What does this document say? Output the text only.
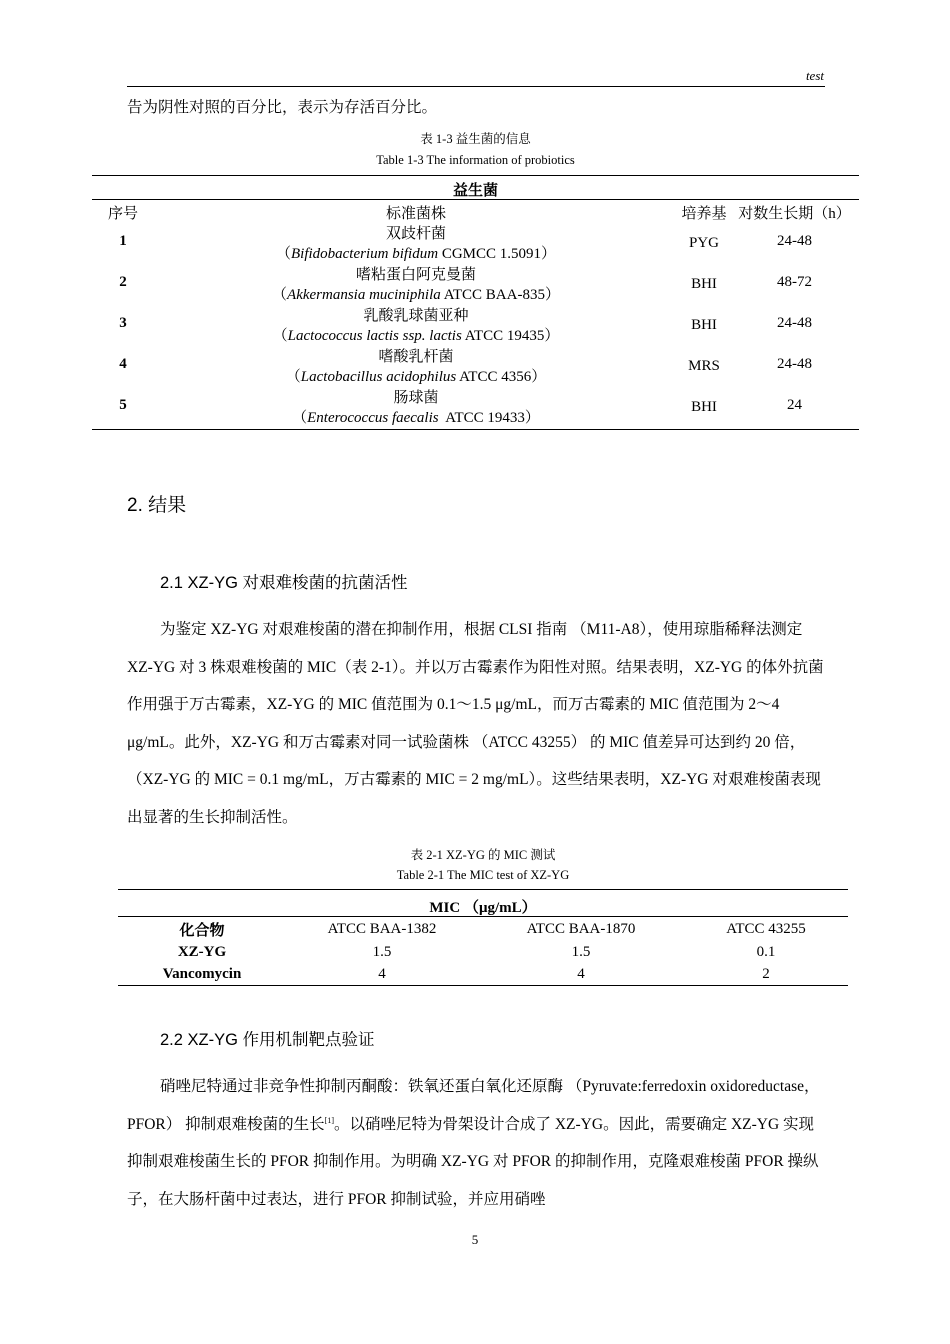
test
告为阴性对照的百分比，表示为存活百分比。
表 1-3 益生菌的信息
Table 1-3 The information of probiotics
益生菌
序号	标准菌株	培养基	对数生长期（h）
1	双歧杆菌
（Bifidobacterium bifidum CGMCC 1.5091）	PYG	24-48
2	嗜粘蛋白阿克曼菌
（Akkermansia muciniphila ATCC BAA-835）	BHI	48-72
3	乳酸乳球菌亚种
（Lactococcus lactis ssp. lactis ATCC 19435）	BHI	24-48
4	嗜酸乳杆菌
（Lactobacillus acidophilus ATCC 4356）	MRS	24-48
5	肠球菌
（Enterococcus faecalis  ATCC 19433）	BHI	24
2. 结果
2.1 XZ-YG 对艰难梭菌的抗菌活性
为鉴定 XZ-YG 对艰难梭菌的潜在抑制作用，根据 CLSI 指南 （M11-A8），使用琼脂稀释法测定 XZ-YG 对 3 株艰难梭菌的 MIC（表 2-1）。并以万古霉素作为阳性对照。结果表明，XZ-YG 的体外抗菌作用强于万古霉素，XZ-YG 的 MIC 值范围为 0.1～1.5 μg/mL，而万古霉素的 MIC 值范围为 2～4 μg/mL。此外，XZ-YG 和万古霉素对同一试验菌株 （ATCC 43255） 的 MIC 值差异可达到约 20 倍，（XZ-YG 的 MIC = 0.1 mg/mL，万古霉素的 MIC = 2 mg/mL）。这些结果表明，XZ-YG 对艰难梭菌表现出显著的生长抑制活性。
表 2-1 XZ-YG 的 MIC 测试
Table 2-1 The MIC test of XZ-YG
MIC （μg/mL）
化合物	ATCC BAA-1382	ATCC BAA-1870	ATCC 43255
XZ-YG	1.5	1.5	0.1
Vancomycin	4	4	2
2.2 XZ-YG 作用机制靶点验证
硝唑尼特通过非竞争性抑制丙酮酸：铁氧还蛋白氧化还原酶 （Pyruvate:ferredoxin oxidoreductase，PFOR） 抑制艰难梭菌的生长[1]。以硝唑尼特为骨架设计合成了 XZ-YG。因此，需要确定 XZ-YG 实现抑制艰难梭菌生长的 PFOR 抑制作用。为明确 XZ-YG 对 PFOR 的抑制作用，克隆艰难梭菌 PFOR 操纵子，在大肠杆菌中过表达，进行 PFOR 抑制试验，并应用硝唑
5
